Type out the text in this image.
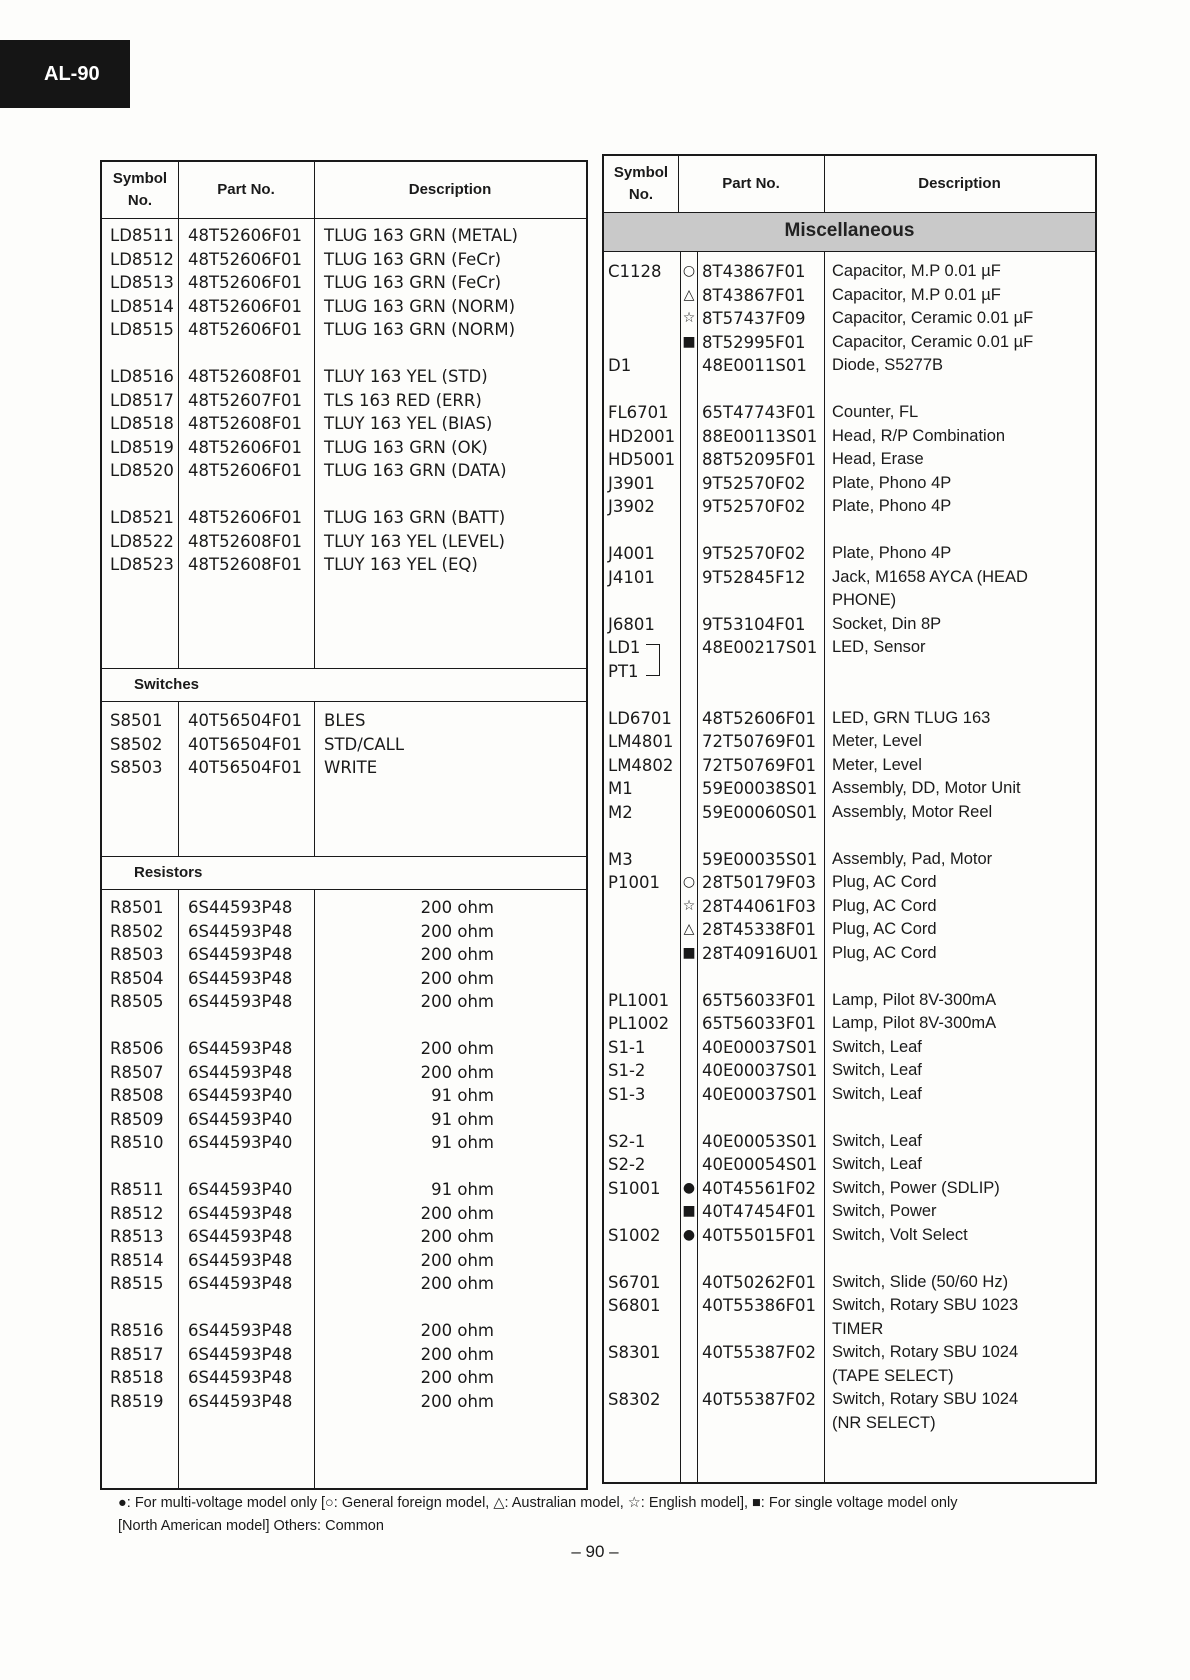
AL-90
Symbol
No.
Part No.	Description
LD8511 48T52606F01 TLUG 163 GRN (METAL)
LD8512 48T52606F01 TLUG 163 GRN (FeCr)
LD8513 48T52606F01 TLUG 163 GRN (FeCr)
LD8514 48T52606F01 TLUG 163 GRN (NORM)
LD8515 48T52606F01 TLUG 163 GRN (NORM)
LD8516 48T52608F01 TLUY 163 YEL (STD)
LD8517 48T52607F01 TLS 163 RED (ERR)
LD8518 48T52608F01 TLUY 163 YEL (BIAS)
LD8519 48T52606F01 TLUG 163 GRN (OK)
LD8520 48T52606F01 TLUG 163 GRN (DATA)
LD8521 48T52606F01 TLUG 163 GRN (BATT)
LD8522 48T52608F01 TLUY 163 YEL (LEVEL)
LD8523 48T52608F01 TLUY 163 YEL (EQ)
Switches
S8501 40T56504F01 BLES
S8502 40T56504F01 STD/CALL
S8503 40T56504F01 WRITE
Resistors
R8501 6S44593P48	200 ohm
R8502 6S44593P48	200 ohm
R8503 6S44593P48	200 ohm
R8504 6S44593P48	200 ohm
R8505 6S44593P48	200 ohm
R8506 6S44593P48	200 ohm
R8507 6S44593P48	200 ohm
R8508 6S44593P40	91 ohm
R8509 6S44593P40	91 ohm
R8510 6S44593P40	91 ohm
R8511 6S44593P40	91 ohm
R8512 6S44593P48	200 ohm
R8513 6S44593P48	200 ohm
R8514 6S44593P48	200 ohm
R8515 6S44593P48	200 ohm
R8516 6S44593P48	200 ohm
R8517 6S44593P48	200 ohm
R8518 6S44593P48	200 ohm
R8519 6S44593P48	200 ohm
Symbol
No.
Part No.	Description
Miscellaneous
C1128 ○ 8T43867F01 Capacitor, M.P 0.01 µF
△ 8T43867F01 Capacitor, M.P 0.01 µF
☆ 8T57437F09 Capacitor, Ceramic 0.01 µF
■ 8T52995F01 Capacitor, Ceramic 0.01 µF
D1	48E0011S01 Diode, S5277B
FL6701 65T47743F01 Counter, FL
HD2001 88E00113S01 Head, R/P Combination
HD5001 88T52095F01 Head, Erase
J3901	9T52570F02 Plate, Phono 4P
J3902	9T52570F02 Plate, Phono 4P
J4001	9T52570F02 Plate, Phono 4P
J4101	9T52845F12 Jack, M1658 AYCA (HEAD
PHONE)
J6801	9T53104F01 Socket, Din 8P
LD1	48E00217S01 LED, Sensor
PT1
LD6701 48T52606F01 LED, GRN TLUG 163
LM4801 72T50769F01 Meter, Level
LM4802 72T50769F01 Meter, Level
M1	59E00038S01 Assembly, DD, Motor Unit
M2	59E00060S01 Assembly, Motor Reel
M3	59E00035S01 Assembly, Pad, Motor
P1001 ○ 28T50179F03 Plug, AC Cord
☆ 28T44061F03 Plug, AC Cord
△ 28T45338F01 Plug, AC Cord
■ 28T40916U01 Plug, AC Cord
PL1001 65T56033F01 Lamp, Pilot 8V-300mA
PL1002 65T56033F01 Lamp, Pilot 8V-300mA
S1-1	40E00037S01 Switch, Leaf
S1-2	40E00037S01 Switch, Leaf
S1-3	40E00037S01 Switch, Leaf
S2-1	40E00053S01 Switch, Leaf
S2-2	40E00054S01 Switch, Leaf
S1001 ● 40T45561F02 Switch, Power (SDLIP)
■ 40T47454F01 Switch, Power
S1002 ● 40T55015F01 Switch, Volt Select
S6701	40T50262F01 Switch, Slide (50/60 Hz)
S6801	40T55386F01 Switch, Rotary SBU 1023
TIMER
S8301	40T55387F02 Switch, Rotary SBU 1024
(TAPE SELECT)
S8302	40T55387F02 Switch, Rotary SBU 1024
(NR SELECT)
●: For multi-voltage model only [○: General foreign model, △: Australian model, ☆: English model], ■: For single voltage model only
[North American model] Others: Common
– 90 –
